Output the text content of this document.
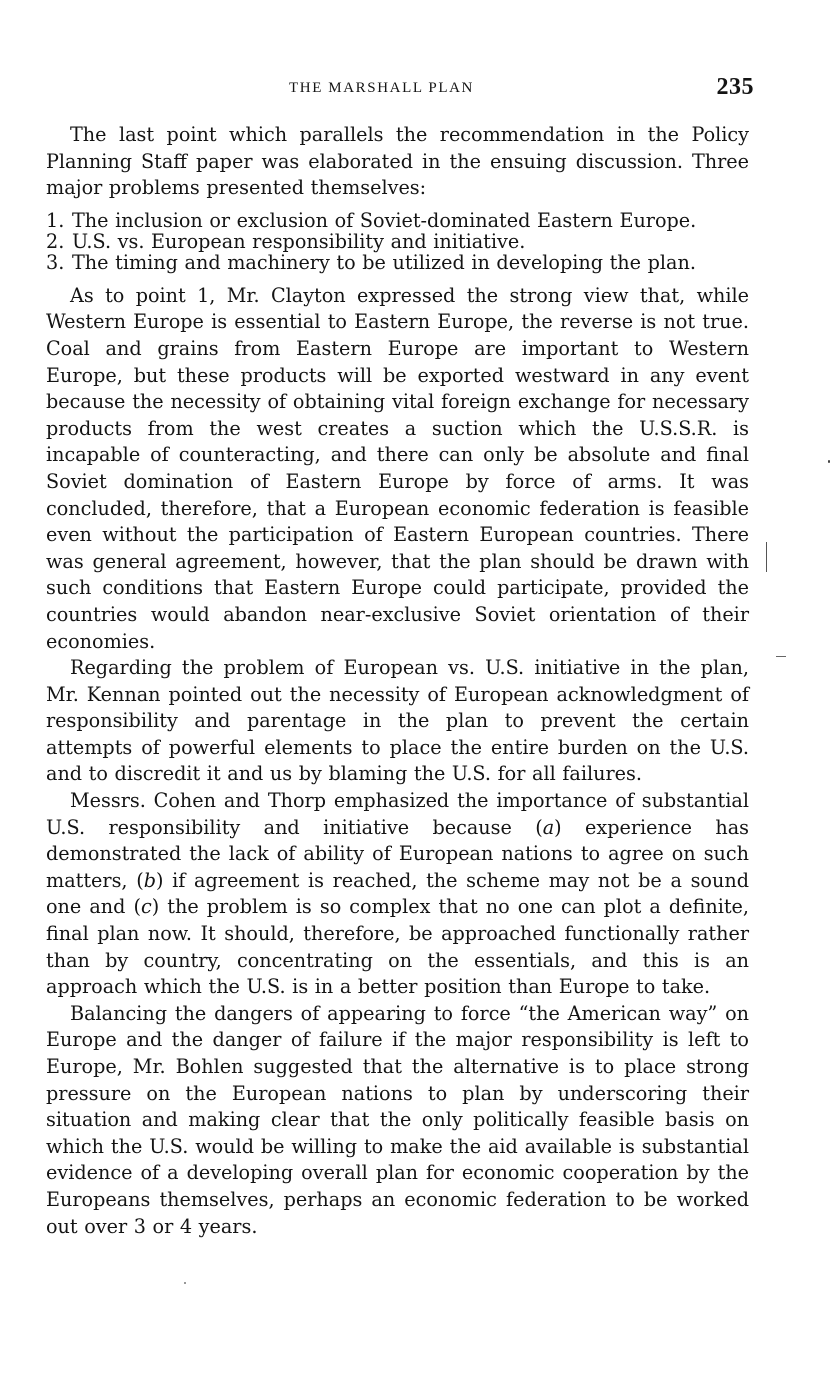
THE MARSHALL PLAN	235

The last point which parallels the recommendation in the Policy Planning Staff paper was elaborated in the ensuing discussion. Three major problems presented themselves:

1. The inclusion or exclusion of Soviet-dominated Eastern Europe.
2. U.S. vs. European responsibility and initiative.
3. The timing and machinery to be utilized in developing the plan.

As to point 1, Mr. Clayton expressed the strong view that, while Western Europe is essential to Eastern Europe, the reverse is not true. Coal and grains from Eastern Europe are important to Western Europe, but these products will be exported westward in any event because the necessity of obtaining vital foreign exchange for necessary products from the west creates a suction which the U.S.S.R. is incapable of counteracting, and there can only be absolute and final Soviet domination of Eastern Europe by force of arms. It was concluded, therefore, that a European economic federation is feasible even without the participation of Eastern European countries. There was general agreement, however, that the plan should be drawn with such conditions that Eastern Europe could participate, provided the countries would abandon near-exclusive Soviet orientation of their economies.

Regarding the problem of European vs. U.S. initiative in the plan, Mr. Kennan pointed out the necessity of European acknowledgment of responsibility and parentage in the plan to prevent the certain attempts of powerful elements to place the entire burden on the U.S. and to discredit it and us by blaming the U.S. for all failures.

Messrs. Cohen and Thorp emphasized the importance of substantial U.S. responsibility and initiative because (a) experience has demonstrated the lack of ability of European nations to agree on such matters, (b) if agreement is reached, the scheme may not be a sound one and (c) the problem is so complex that no one can plot a definite, final plan now. It should, therefore, be approached functionally rather than by country, concentrating on the essentials, and this is an approach which the U.S. is in a better position than Europe to take.

Balancing the dangers of appearing to force “the American way” on Europe and the danger of failure if the major responsibility is left to Europe, Mr. Bohlen suggested that the alternative is to place strong pressure on the European nations to plan by underscoring their situation and making clear that the only politically feasible basis on which the U.S. would be willing to make the aid available is substantial evidence of a developing overall plan for economic cooperation by the Europeans themselves, perhaps an economic federation to be worked out over 3 or 4 years.
